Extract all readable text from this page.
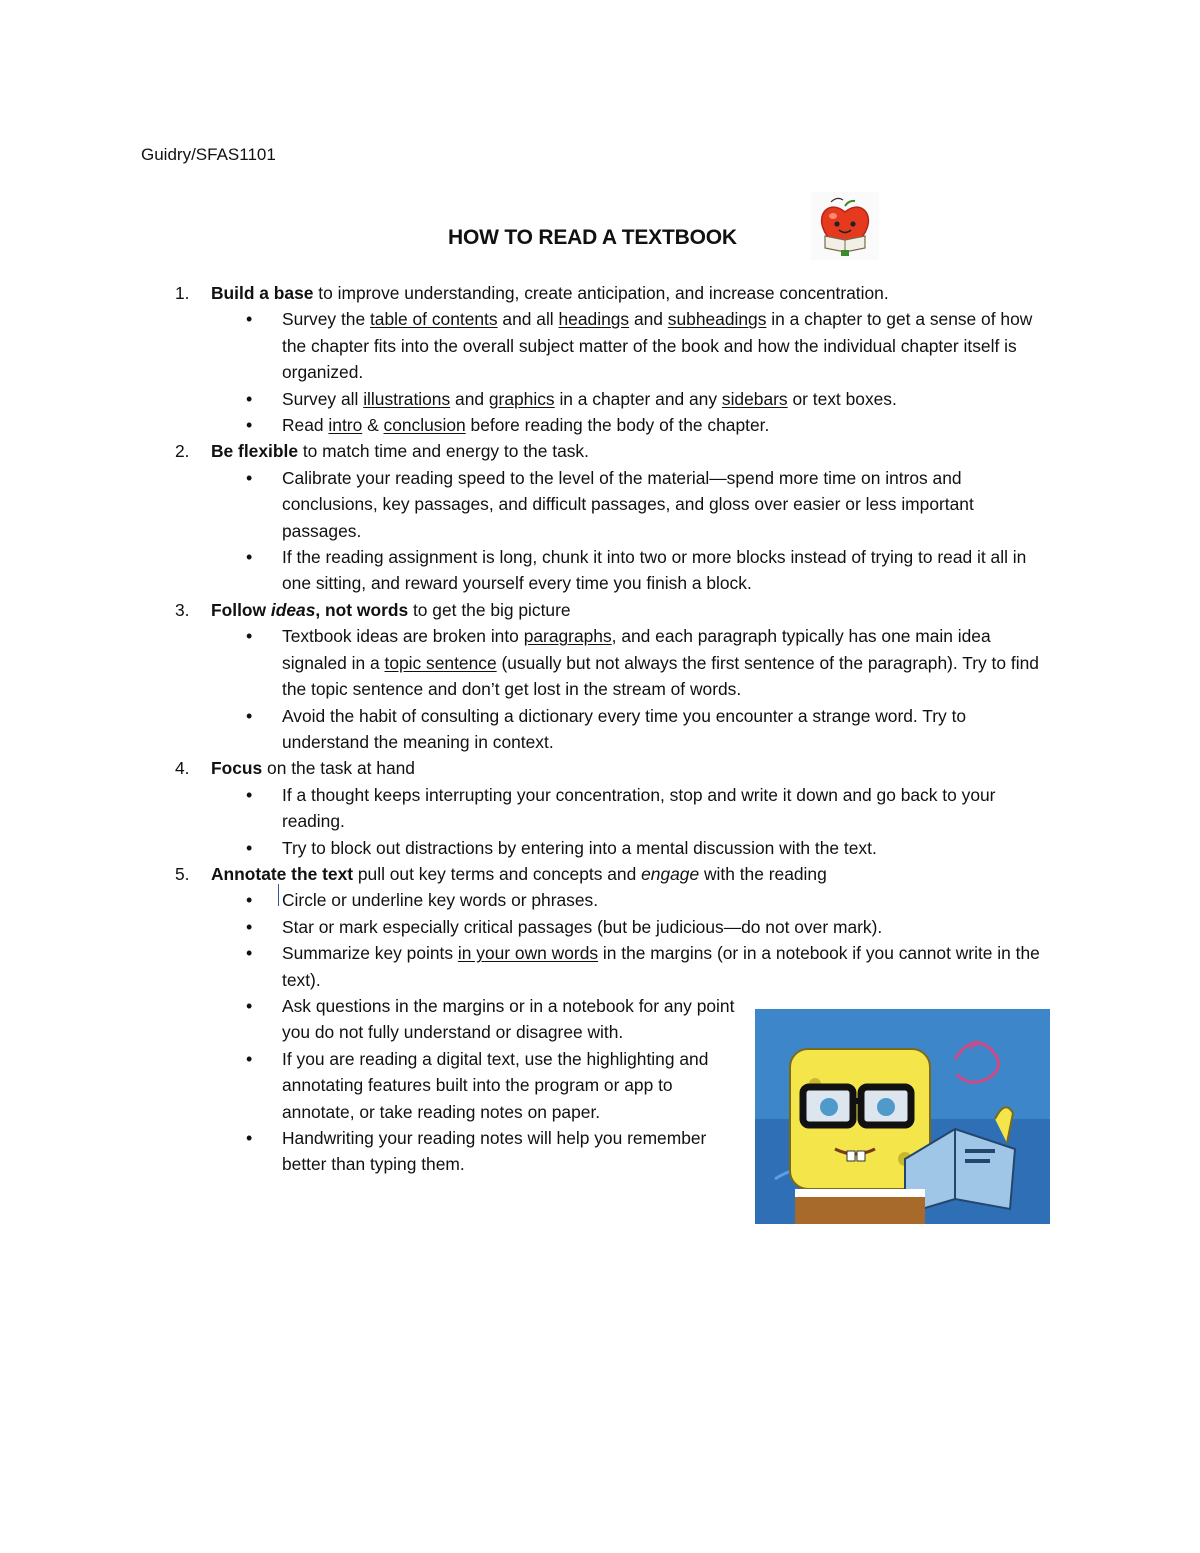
Guidry/SFAS1101
HOW TO READ A TEXTBOOK
1. Build a base to improve understanding, create anticipation, and increase concentration.
• Survey the table of contents and all headings and subheadings in a chapter to get a sense of how the chapter fits into the overall subject matter of the book and how the individual chapter itself is organized.
• Survey all illustrations and graphics in a chapter and any sidebars or text boxes.
• Read intro & conclusion before reading the body of the chapter.
2. Be flexible to match time and energy to the task.
• Calibrate your reading speed to the level of the material—spend more time on intros and conclusions, key passages, and difficult passages, and gloss over easier or less important passages.
• If the reading assignment is long, chunk it into two or more blocks instead of trying to read it all in one sitting, and reward yourself every time you finish a block.
3. Follow ideas, not words to get the big picture
• Textbook ideas are broken into paragraphs, and each paragraph typically has one main idea signaled in a topic sentence (usually but not always the first sentence of the paragraph). Try to find the topic sentence and don’t get lost in the stream of words.
• Avoid the habit of consulting a dictionary every time you encounter a strange word. Try to understand the meaning in context.
4. Focus on the task at hand
• If a thought keeps interrupting your concentration, stop and write it down and go back to your reading.
• Try to block out distractions by entering into a mental discussion with the text.
5. Annotate the text pull out key terms and concepts and engage with the reading
• Circle or underline key words or phrases.
• Star or mark especially critical passages (but be judicious—do not over mark).
• Summarize key points in your own words in the margins (or in a notebook if you cannot write in the text).
• Ask questions in the margins or in a notebook for any point you do not fully understand or disagree with.
• If you are reading a digital text, use the highlighting and annotating features built into the program or app to annotate, or take reading notes on paper.
• Handwriting your reading notes will help you remember better than typing them.
